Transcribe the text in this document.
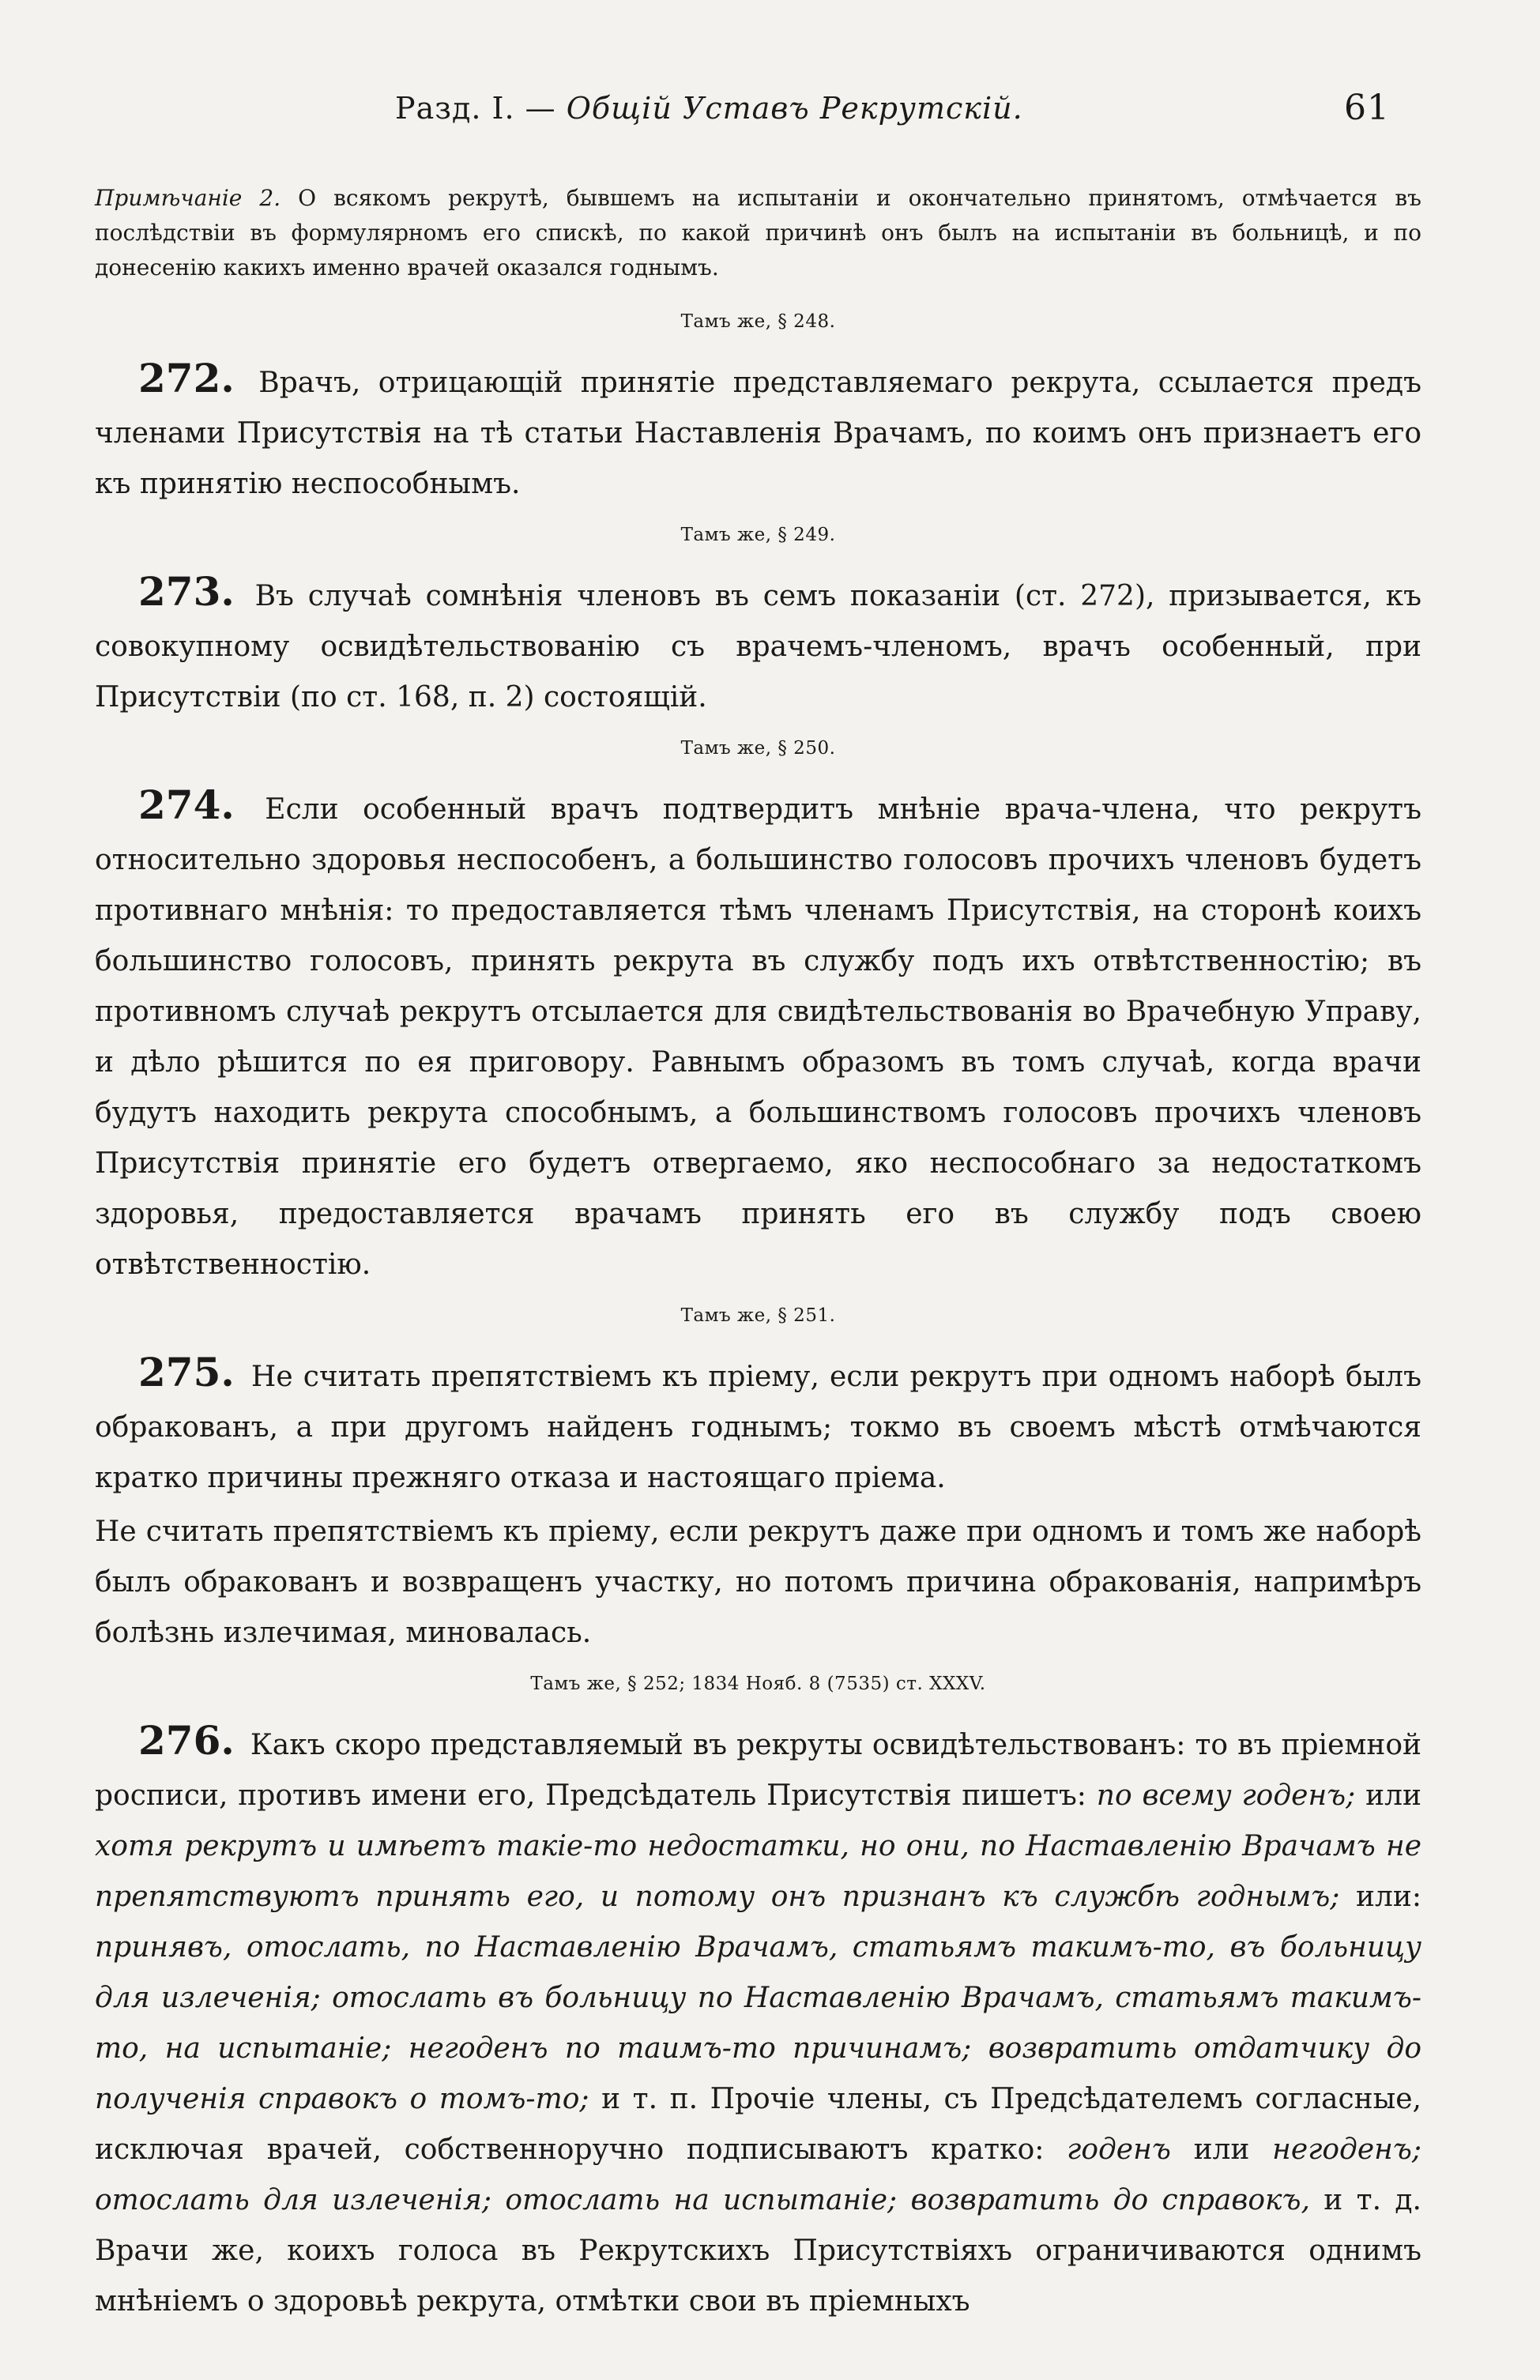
Разд. I. — Общій Уставъ Рекрутскій.	61

Примѣчаніе 2. О всякомъ рекрутѣ, бывшемъ на испытаніи и окончательно принятомъ, отмѣчается въ послѣдствіи въ формулярномъ его спискѣ, по какой причинѣ онъ былъ на испытаніи въ больницѣ, и по донесенію какихъ именно врачей оказался годнымъ.

Тамъ же, § 248.

272. Врачъ, отрицающій принятіе представляемаго рекрута, ссылается предъ членами Присутствія на тѣ статьи Наставленія Врачамъ, по коимъ онъ признаетъ его къ принятію неспособнымъ.

Тамъ же, § 249.

273. Въ случаѣ сомнѣнія членовъ въ семъ показаніи (ст. 272), призывается, къ совокупному освидѣтельствованію съ врачемъ-членомъ, врачъ особенный, при Присутствіи (по ст. 168, п. 2) состоящій.

Тамъ же, § 250.

274. Если особенный врачъ подтвердитъ мнѣніе врача-члена, что рекрутъ относительно здоровья неспособенъ, а большинство голосовъ прочихъ членовъ будетъ противнаго мнѣнія: то предоставляется тѣмъ членамъ Присутствія, на сторонѣ коихъ большинство голосовъ, принять рекрута въ службу подъ ихъ отвѣтственностію; въ противномъ случаѣ рекрутъ отсылается для свидѣтельствованія во Врачебную Управу, и дѣло рѣшится по ея приговору. Равнымъ образомъ въ томъ случаѣ, когда врачи будутъ находить рекрута способнымъ, а большинствомъ голосовъ прочихъ членовъ Присутствія принятіе его будетъ отвергаемо, яко неспособнаго за недостаткомъ здоровья, предоставляется врачамъ принять его въ службу подъ своею отвѣтственностію.

Тамъ же, § 251.

275. Не считать препятствіемъ къ пріему, если рекрутъ при одномъ наборѣ былъ обракованъ, а при другомъ найденъ годнымъ; токмо въ своемъ мѣстѣ отмѣчаются кратко причины прежняго отказа и настоящаго пріема.
Не считать препятствіемъ къ пріему, если рекрутъ даже при одномъ и томъ же наборѣ былъ обракованъ и возвращенъ участку, но потомъ причина обракованія, напримѣръ болѣзнь излечимая, миновалась.

Тамъ же, § 252; 1834 Нояб. 8 (7535) ст. XXXV.

276. Какъ скоро представляемый въ рекруты освидѣтельствованъ: то въ пріемной росписи, противъ имени его, Предсѣдатель Присутствія пишетъ: по всему годенъ; или хотя рекрутъ и имѣетъ такіе-то недостатки, но они, по Наставленію Врачамъ не препятствуютъ принять его, и потому онъ признанъ къ службѣ годнымъ; или: принявъ, отослать, по Наставленію Врачамъ, статьямъ такимъ-то, въ больницу для излеченія; отослать въ больницу по Наставленію Врачамъ, статьямъ такимъ-то, на испытаніе; негоденъ по таимъ-то причинамъ; возвратить отдатчику до полученія справокъ о томъ-то; и т. п. Прочіе члены, съ Предсѣдателемъ согласные, исключая врачей, собственноручно подписываютъ кратко: годенъ или негоденъ; отослать для излеченія; отослать на испытаніе; возвратить до справокъ, и т. д. Врачи же, коихъ голоса въ Рекрутскихъ Присутствіяхъ ограничиваются однимъ мнѣніемъ о здоровьѣ рекрута, отмѣтки свои въ пріемныхъ
